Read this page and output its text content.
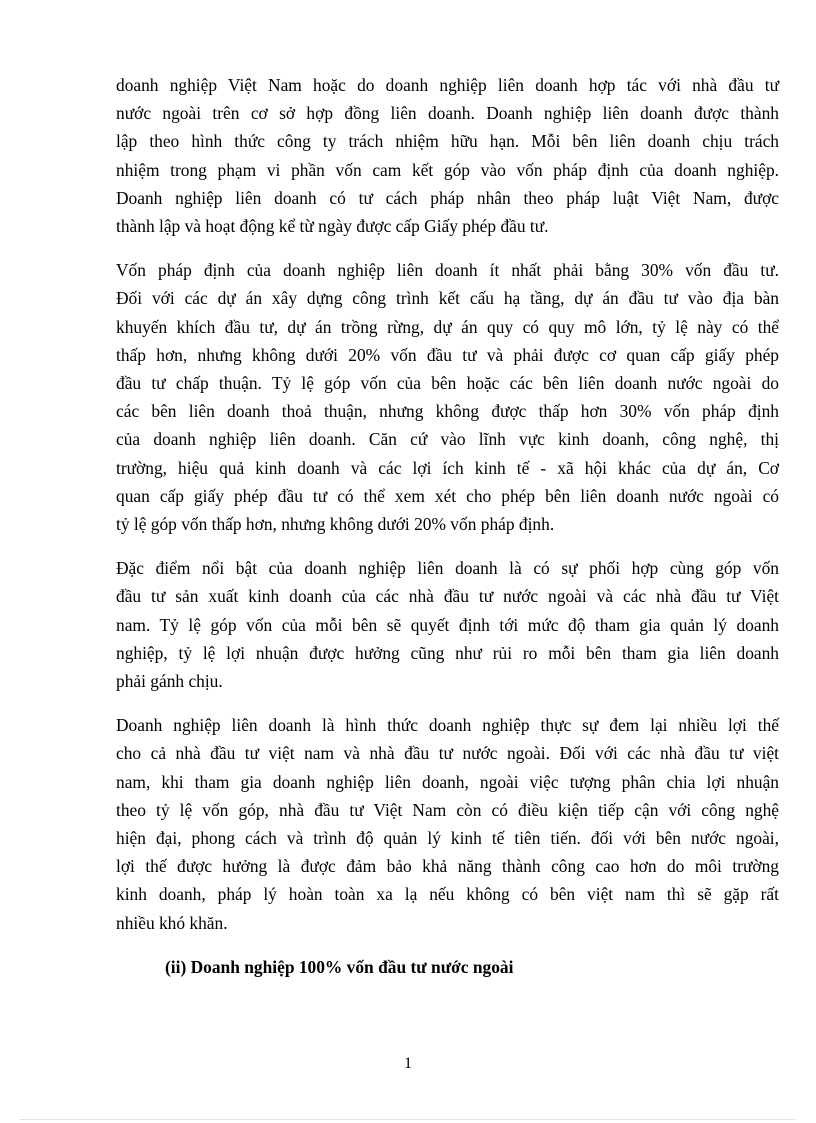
doanh nghiệp Việt Nam hoặc do doanh nghiệp liên doanh hợp tác với nhà đầu tư
nước ngoài trên cơ sở hợp đồng liên doanh. Doanh nghiệp liên doanh được thành
lập theo hình thức công ty trách nhiệm hữu hạn. Mỗi bên liên doanh chịu trách
nhiệm trong phạm vi phần vốn cam kết góp vào vốn pháp định của doanh nghiệp.
Doanh nghiệp liên doanh có tư cách pháp nhân theo pháp luật Việt Nam, được
thành lập và hoạt động kể từ ngày được cấp Giấy phép đầu tư.

Vốn pháp định của doanh nghiệp liên doanh ít nhất phải bằng 30% vốn đầu tư.
Đối với các dự án xây dựng công trình kết cấu hạ tầng, dự án đầu tư vào địa bàn
khuyến khích đầu tư, dự án trồng rừng, dự án quy có quy mô lớn, tỷ lệ này có thể
thấp hơn, nhưng không dưới 20% vốn đầu tư và phải được cơ quan cấp giấy phép
đầu tư chấp thuận. Tỷ lệ góp vốn của bên hoặc các bên liên doanh nước ngoài do
các bên liên doanh thoả thuận, nhưng không được thấp hơn 30% vốn pháp định
của doanh nghiệp liên doanh. Căn cứ vào lĩnh vực kinh doanh, công nghệ, thị
trường, hiệu quả kinh doanh và các lợi ích kinh tế - xã hội khác của dự án, Cơ
quan cấp giấy phép đầu tư có thể xem xét cho phép bên liên doanh nước ngoài có
tỷ lệ góp vốn thấp hơn, nhưng không dưới 20% vốn pháp định.

Đặc điểm nổi bật của doanh nghiệp liên doanh là có sự phối hợp cùng góp vốn
đầu tư sản xuất kinh doanh của các nhà đầu tư nước ngoài và các nhà đầu tư Việt
nam. Tỷ lệ góp vốn của mỗi bên sẽ quyết định tới mức độ tham gia quản lý doanh
nghiệp, tỷ lệ lợi nhuận được hưởng cũng như rủi ro mỗi bên tham gia liên doanh
phải gánh chịu.

Doanh nghiệp liên doanh là hình thức doanh nghiệp thực sự đem lại nhiều lợi thế
cho cả nhà đầu tư việt nam và nhà đầu tư nước ngoài. Đối với các nhà đầu tư việt
nam, khi tham gia doanh nghiệp liên doanh, ngoài việc tượng phân chia lợi nhuận
theo tỷ lệ vốn góp, nhà đầu tư Việt Nam còn có điều kiện tiếp cận với công nghệ
hiện đại, phong cách và trình độ quản lý kinh tế tiên tiến. đối với bên nước ngoài,
lợi thế được hưởng là được đảm bảo khả năng thành công cao hơn do môi trường
kinh doanh, pháp lý hoàn toàn xa lạ nếu không có bên việt nam thì sẽ gặp rất
nhiều khó khăn.

(ii) Doanh nghiệp 100% vốn đầu tư nước ngoài
1
